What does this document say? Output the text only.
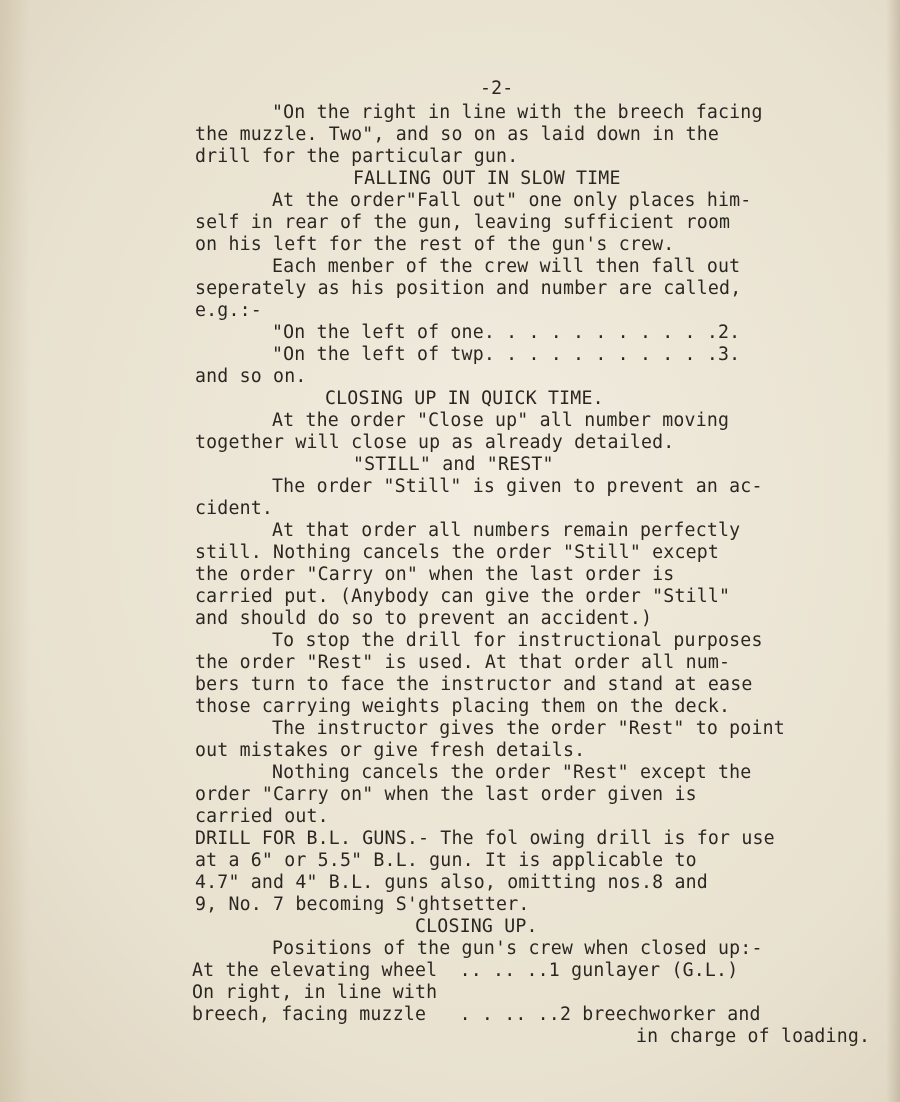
-2-
"On the right in line with the breech facing
the muzzle. Two", and so on as laid down in the
drill for the particular gun.
FALLING OUT IN SLOW TIME
At the order"Fall out" one only places him-
self in rear of the gun, leaving sufficient room
on his left for the rest of the gun's crew.
Each menber of the crew will then fall out
seperately as his position and number are called,
e.g.:-
"On the left of one. . . . . . . . . . .2.
"On the left of twp. . . . . . . . . . .3.
and so on.
CLOSING UP IN QUICK TIME.
At the order "Close up" all number moving
together will close up as already detailed.
"STILL" and "REST"
The order "Still" is given to prevent an ac-
cident.
At that order all numbers remain perfectly
still. Nothing cancels the order "Still" except
the order "Carry on" when the last order is
carried put. (Anybody can give the order "Still"
and should do so to prevent an accident.)
To stop the drill for instructional purposes
the order "Rest" is used. At that order all num-
bers turn to face the instructor and stand at ease
those carrying weights placing them on the deck.
The instructor gives the order "Rest" to point
out mistakes or give fresh details.
Nothing cancels the order "Rest" except the
order "Carry on" when the last order given is
carried out.
DRILL FOR B.L. GUNS.- The fol owing drill is for use
at a 6" or 5.5" B.L. gun. It is applicable to
4.7" and 4" B.L. guns also, omitting nos.8 and
9, No. 7 becoming S'ghtsetter.
CLOSING UP.
Positions of the gun's crew when closed up:-
At the elevating wheel  .. .. ..1 gunlayer (G.L.)
On right, in line with
breech, facing muzzle   . . .. ..2 breechworker and
in charge of loading.
